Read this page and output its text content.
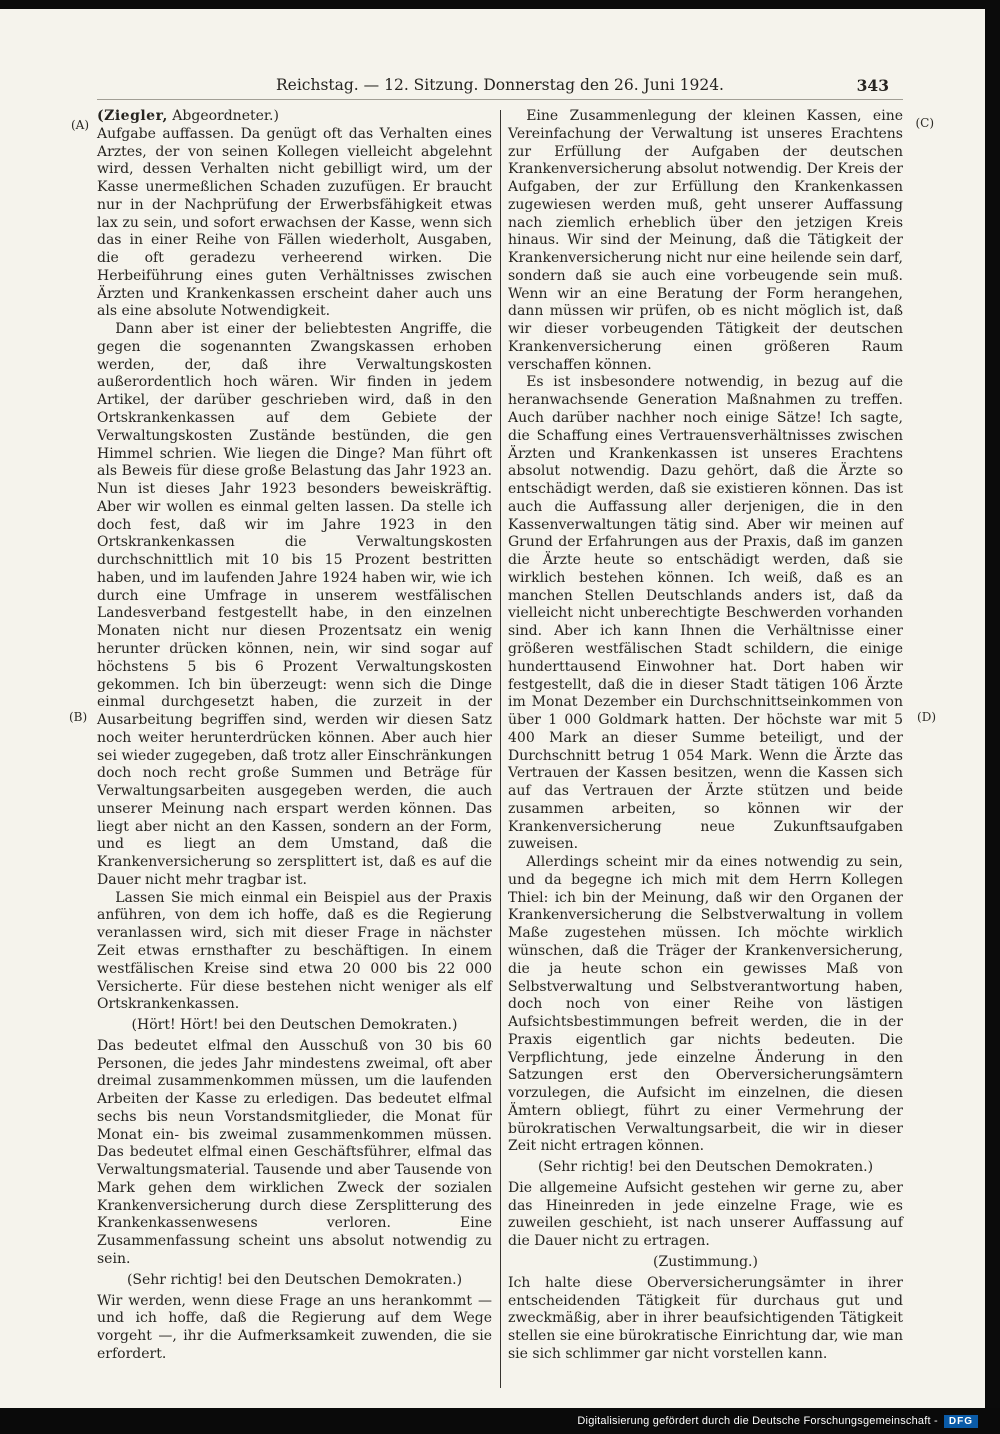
Reichstag. — 12. Sitzung. Donnerstag den 26. Juni 1924.	343
(A)
(B)
(C)
(D)

(Ziegler, Abgeordneter.)

Aufgabe auffassen. Da genügt oft das Verhalten eines Arztes, der von seinen Kollegen vielleicht abgelehnt wird, dessen Verhalten nicht gebilligt wird, um der Kasse unermeßlichen Schaden zuzufügen. Er braucht nur in der Nachprüfung der Erwerbsfähigkeit etwas lax zu sein, und sofort erwachsen der Kasse, wenn sich das in einer Reihe von Fällen wiederholt, Ausgaben, die oft geradezu verheerend wirken. Die Herbeiführung eines guten Verhältnisses zwischen Ärzten und Krankenkassen erscheint daher auch uns als eine absolute Notwendigkeit.

Dann aber ist einer der beliebtesten Angriffe, die gegen die sogenannten Zwangskassen erhoben werden, der, daß ihre Verwaltungskosten außerordentlich hoch wären. Wir finden in jedem Artikel, der darüber geschrieben wird, daß in den Ortskrankenkassen auf dem Gebiete der Verwaltungskosten Zustände bestünden, die gen Himmel schrien. Wie liegen die Dinge? Man führt oft als Beweis für diese große Belastung das Jahr 1923 an. Nun ist dieses Jahr 1923 besonders beweiskräftig. Aber wir wollen es einmal gelten lassen. Da stelle ich doch fest, daß wir im Jahre 1923 in den Ortskrankenkassen die Verwaltungskosten durchschnittlich mit 10 bis 15 Prozent bestritten haben, und im laufenden Jahre 1924 haben wir, wie ich durch eine Umfrage in unserem westfälischen Landesverband festgestellt habe, in den einzelnen Monaten nicht nur diesen Prozentsatz ein wenig herunter drücken können, nein, wir sind sogar auf höchstens 5 bis 6 Prozent Verwaltungskosten gekommen. Ich bin überzeugt: wenn sich die Dinge einmal durchgesetzt haben, die zurzeit in der Ausarbeitung begriffen sind, werden wir diesen Satz noch weiter herunterdrücken können. Aber auch hier sei wieder zugegeben, daß trotz aller Einschränkungen doch noch recht große Summen und Beträge für Verwaltungsarbeiten ausgegeben werden, die auch unserer Meinung nach erspart werden können. Das liegt aber nicht an den Kassen, sondern an der Form, und es liegt an dem Umstand, daß die Krankenversicherung so zersplittert ist, daß es auf die Dauer nicht mehr tragbar ist.

Lassen Sie mich einmal ein Beispiel aus der Praxis anführen, von dem ich hoffe, daß es die Regierung veranlassen wird, sich mit dieser Frage in nächster Zeit etwas ernsthafter zu beschäftigen. In einem westfälischen Kreise sind etwa 20 000 bis 22 000 Versicherte. Für diese bestehen nicht weniger als elf Ortskrankenkassen.

(Hört! Hört! bei den Deutschen Demokraten.)

Das bedeutet elfmal den Ausschuß von 30 bis 60 Personen, die jedes Jahr mindestens zweimal, oft aber dreimal zusammenkommen müssen, um die laufenden Arbeiten der Kasse zu erledigen. Das bedeutet elfmal sechs bis neun Vorstandsmitglieder, die Monat für Monat ein- bis zweimal zusammenkommen müssen. Das bedeutet elfmal einen Geschäftsführer, elfmal das Verwaltungsmaterial. Tausende und aber Tausende von Mark gehen dem wirklichen Zweck der sozialen Krankenversicherung durch diese Zersplitterung des Krankenkassenwesens verloren. Eine Zusammenfassung scheint uns absolut notwendig zu sein.

(Sehr richtig! bei den Deutschen Demokraten.)

Wir werden, wenn diese Frage an uns herankommt — und ich hoffe, daß die Regierung auf dem Wege vorgeht —, ihr die Aufmerksamkeit zuwenden, die sie erfordert.

Eine Zusammenlegung der kleinen Kassen, eine Vereinfachung der Verwaltung ist unseres Erachtens zur Erfüllung der Aufgaben der deutschen Krankenversicherung absolut notwendig. Der Kreis der Aufgaben, der zur Erfüllung den Krankenkassen zugewiesen werden muß, geht unserer Auffassung nach ziemlich erheblich über den jetzigen Kreis hinaus. Wir sind der Meinung, daß die Tätigkeit der Krankenversicherung nicht nur eine heilende sein darf, sondern daß sie auch eine vorbeugende sein muß. Wenn wir an eine Beratung der Form herangehen, dann müssen wir prüfen, ob es nicht möglich ist, daß wir dieser vorbeugenden Tätigkeit der deutschen Krankenversicherung einen größeren Raum verschaffen können.

Es ist insbesondere notwendig, in bezug auf die heranwachsende Generation Maßnahmen zu treffen. Auch darüber nachher noch einige Sätze! Ich sagte, die Schaffung eines Vertrauensverhältnisses zwischen Ärzten und Krankenkassen ist unseres Erachtens absolut notwendig. Dazu gehört, daß die Ärzte so entschädigt werden, daß sie existieren können. Das ist auch die Auffassung aller derjenigen, die in den Kassenverwaltungen tätig sind. Aber wir meinen auf Grund der Erfahrungen aus der Praxis, daß im ganzen die Ärzte heute so entschädigt werden, daß sie wirklich bestehen können. Ich weiß, daß es an manchen Stellen Deutschlands anders ist, daß da vielleicht nicht unberechtigte Beschwerden vorhanden sind. Aber ich kann Ihnen die Verhältnisse einer größeren westfälischen Stadt schildern, die einige hunderttausend Einwohner hat. Dort haben wir festgestellt, daß die in dieser Stadt tätigen 106 Ärzte im Monat Dezember ein Durchschnittseinkommen von über 1 000 Goldmark hatten. Der höchste war mit 5 400 Mark an dieser Summe beteiligt, und der Durchschnitt betrug 1 054 Mark. Wenn die Ärzte das Vertrauen der Kassen besitzen, wenn die Kassen sich auf das Vertrauen der Ärzte stützen und beide zusammen arbeiten, so können wir der Krankenversicherung neue Zukunftsaufgaben zuweisen.

Allerdings scheint mir da eines notwendig zu sein, und da begegne ich mich mit dem Herrn Kollegen Thiel: ich bin der Meinung, daß wir den Organen der Krankenversicherung die Selbstverwaltung in vollem Maße zugestehen müssen. Ich möchte wirklich wünschen, daß die Träger der Krankenversicherung, die ja heute schon ein gewisses Maß von Selbstverwaltung und Selbstverantwortung haben, doch noch von einer Reihe von lästigen Aufsichtsbestimmungen befreit werden, die in der Praxis eigentlich gar nichts bedeuten. Die Verpflichtung, jede einzelne Änderung in den Satzungen erst den Oberversicherungsämtern vorzulegen, die Aufsicht im einzelnen, die diesen Ämtern obliegt, führt zu einer Vermehrung der bürokratischen Verwaltungsarbeit, die wir in dieser Zeit nicht ertragen können.

(Sehr richtig! bei den Deutschen Demokraten.)

Die allgemeine Aufsicht gestehen wir gerne zu, aber das Hineinreden in jede einzelne Frage, wie es zuweilen geschieht, ist nach unserer Auffassung auf die Dauer nicht zu ertragen.

(Zustimmung.)

Ich halte diese Oberversicherungsämter in ihrer entscheidenden Tätigkeit für durchaus gut und zweckmäßig, aber in ihrer beaufsichtigenden Tätigkeit stellen sie eine bürokratische Einrichtung dar, wie man sie sich schlimmer gar nicht vorstellen kann.

Digitalisierung gefördert durch die Deutsche Forschungsgemeinschaft -	DFG
